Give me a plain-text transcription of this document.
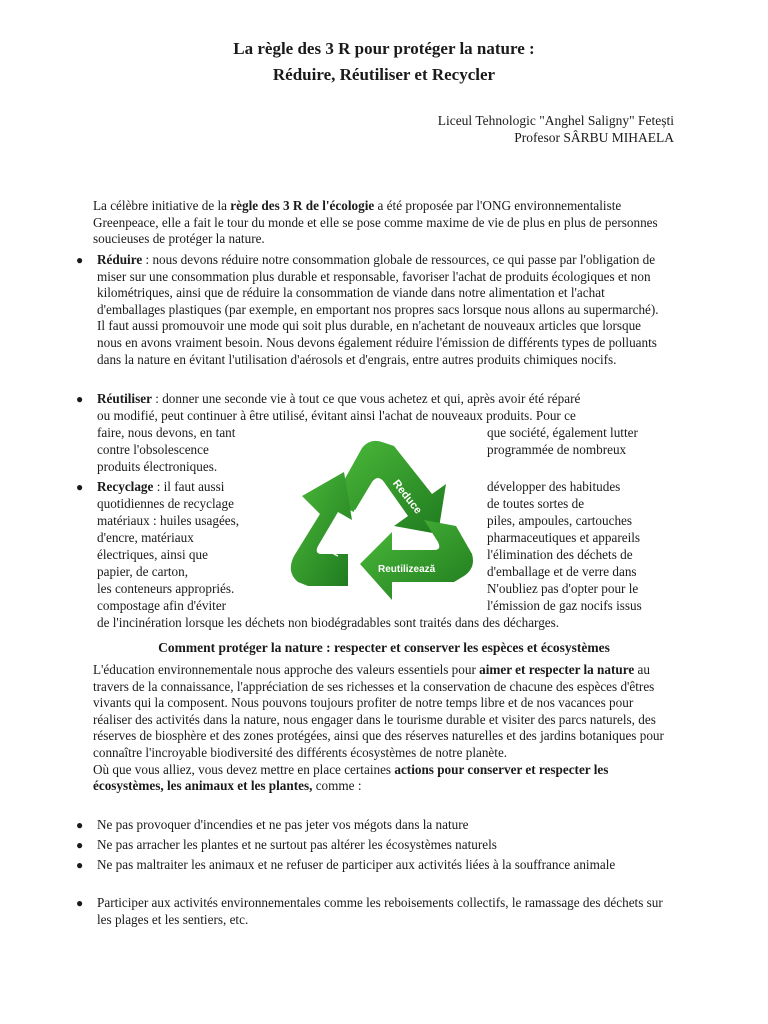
La règle des 3 R pour protéger la nature :
Réduire, Réutiliser et Recycler
Liceul Tehnologic "Anghel Saligny" Fetești
Profesor SÂRBU MIHAELA
La célèbre initiative de la règle des 3 R de l'écologie a été proposée par l'ONG environnementaliste Greenpeace, elle a fait le tour du monde et elle se pose comme maxime de vie de plus en plus de personnes soucieuses de protéger la nature.
● Réduire : nous devons réduire notre consommation globale de ressources, ce qui passe par l'obligation de miser sur une consommation plus durable et responsable, favoriser l'achat de produits écologiques et non kilométriques, ainsi que de réduire la consommation de viande dans notre alimentation et l'achat d'emballages plastiques (par exemple, en emportant nos propres sacs lorsque nous allons au supermarché). Il faut aussi promouvoir une mode qui soit plus durable, en n'achetant de nouveaux articles que lorsque nous en avons vraiment besoin. Nous devons également réduire l'émission de différents types de polluants dans la nature en évitant l'utilisation d'aérosols et d'engrais, entre autres produits chimiques nocifs.
● Réutiliser : donner une seconde vie à tout ce que vous achetez et qui, après avoir été réparé
ou modifié, peut continuer à être utilisé, évitant ainsi l'achat de nouveaux produits. Pour ce
faire, nous devons, en tant	que société, également lutter
contre l'obsolescence	programmée de nombreux
produits électroniques.
● Recyclage : il faut aussi	développer des habitudes
quotidiennes de recyclage	de toutes sortes de
matériaux : huiles usagées,	piles, ampoules, cartouches
d'encre, matériaux	pharmaceutiques et appareils
électriques, ainsi que	l'élimination des déchets de
papier, de carton,	d'emballage et de verre dans
les conteneurs appropriés.	N'oubliez pas d'opter pour le
compostage afin d'éviter	l'émission de gaz nocifs issus
de l'incinération lorsque les déchets non biodégradables sont traités dans des décharges.
Reduce
Reutilizează
Reciclează
Comment protéger la nature : respecter et conserver les espèces et écosystèmes
L'éducation environnementale nous approche des valeurs essentiels pour aimer et respecter la nature au travers de la connaissance, l'appréciation de ses richesses et la conservation de chacune des espèces d'êtres vivants qui la composent. Nous pouvons toujours profiter de notre temps libre et de nos vacances pour réaliser des activités dans la nature, nous engager dans le tourisme durable et visiter des parcs naturels, des réserves de biosphère et des zones protégées, ainsi que des réserves naturelles et des jardins botaniques pour connaître l'incroyable biodiversité des différents écosystèmes de notre planète.
Où que vous alliez, vous devez mettre en place certaines actions pour conserver et respecter les écosystèmes, les animaux et les plantes, comme :
● Ne pas provoquer d'incendies et ne pas jeter vos mégots dans la nature
● Ne pas arracher les plantes et ne surtout pas altérer les écosystèmes naturels
● Ne pas maltraiter les animaux et ne refuser de participer aux activités liées à la souffrance animale
● Participer aux activités environnementales comme les reboisements collectifs, le ramassage des déchets sur les plages et les sentiers, etc.
